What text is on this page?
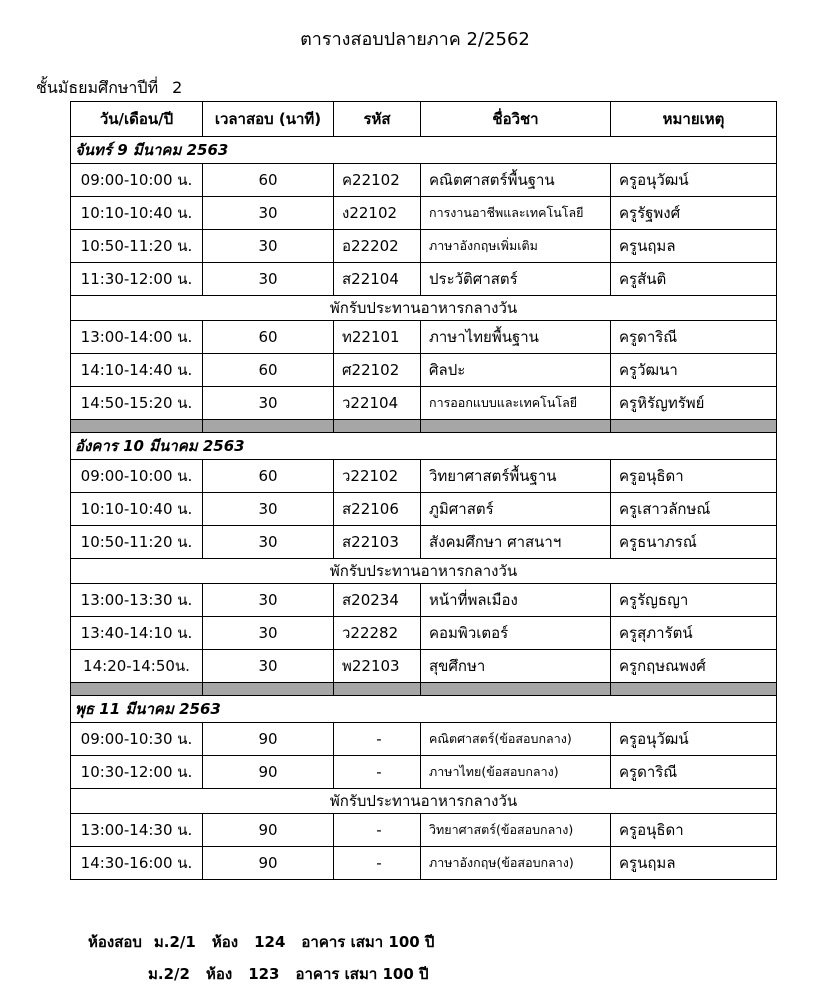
ตารางสอบปลายภาค 2/2562
ชั้นมัธยมศึกษาปีที่ 2
วัน/เดือน/ปี	เวลาสอบ (นาที)	รหัส	ชื่อวิชา	หมายเหตุ
จันทร์ 9 มีนาคม 2563				
09:00-10:00 น.	60	ค22102	คณิตศาสตร์พื้นฐาน	ครูอนุวัฒน์
10:10-10:40 น.	30	ง22102	การงานอาชีพและเทคโนโลยี	ครูรัฐพงศ์
10:50-11:20 น.	30	อ22202	ภาษาอังกฤษเพิ่มเติม	ครูนฤมล
11:30-12:00 น.	30	ส22104	ประวัติศาสตร์	ครูสันติ
พักรับประทานอาหารกลางวัน				
13:00-14:00 น.	60	ท22101	ภาษาไทยพื้นฐาน	ครูดาริณี
14:10-14:40 น.	60	ศ22102	ศิลปะ	ครูวัฒนา
14:50-15:20 น.	30	ว22104	การออกแบบและเทคโนโลยี	ครูหิรัญทรัพย์

อังคาร 10 มีนาคม 2563				
09:00-10:00 น.	60	ว22102	วิทยาศาสตร์พื้นฐาน	ครูอนุธิดา
10:10-10:40 น.	30	ส22106	ภูมิศาสตร์	ครูเสาวลักษณ์
10:50-11:20 น.	30	ส22103	สังคมศึกษา ศาสนาฯ	ครูธนาภรณ์
พักรับประทานอาหารกลางวัน				
13:00-13:30 น.	30	ส20234	หน้าที่พลเมือง	ครูรัญธญา
13:40-14:10 น.	30	ว22282	คอมพิวเตอร์	ครูสุภารัตน์
14:20-14:50น.	30	พ22103	สุขศึกษา	ครูกฤษณพงศ์

พุธ 11 มีนาคม 2563				
09:00-10:30 น.	90	-	คณิตศาสตร์(ข้อสอบกลาง)	ครูอนุวัฒน์
10:30-12:00 น.	90	-	ภาษาไทย(ข้อสอบกลาง)	ครูดาริณี
พักรับประทานอาหารกลางวัน				
13:00-14:30 น.	90	-	วิทยาศาสตร์(ข้อสอบกลาง)	ครูอนุธิดา
14:30-16:00 น.	90	-	ภาษาอังกฤษ(ข้อสอบกลาง)	ครูนฤมล
ห้องสอบ ม.2/1 ห้อง 124 อาคาร เสมา 100 ปี
ม.2/2 ห้อง 123 อาคาร เสมา 100 ปี
